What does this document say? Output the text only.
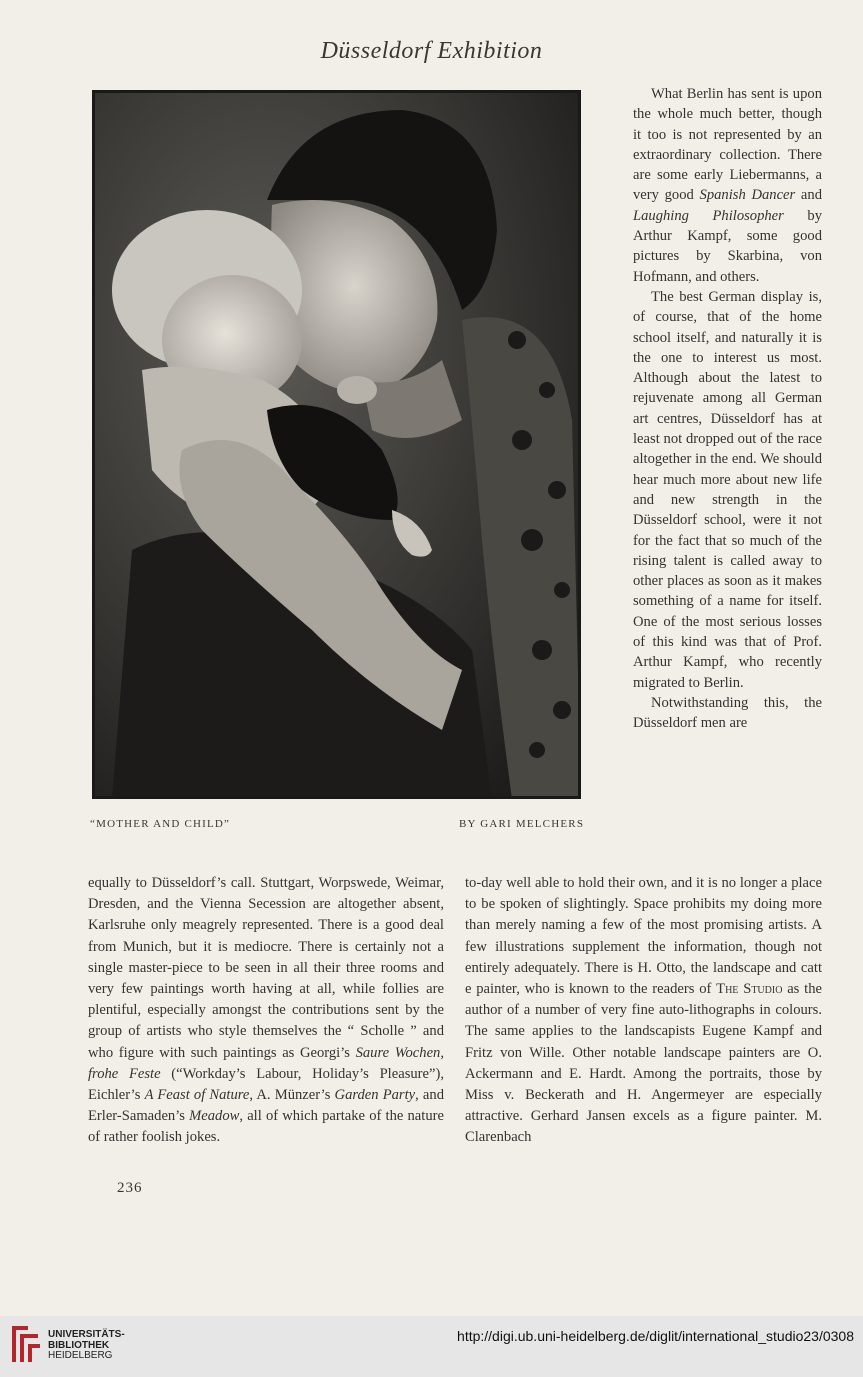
Düsseldorf Exhibition
“MOTHER AND CHILD”	BY GARI MELCHERS

What Berlin has sent is upon the whole much better, though it too is not represented by an extraordinary collection. There are some early Liebermanns, a very good Spanish Dancer and Laughing Philosopher by Arthur Kampf, some good pictures by Skarbina, von Hofmann, and others.

The best German display is, of course, that of the home school itself, and naturally it is the one to interest us most. Although about the latest to rejuvenate among all German art centres, Düsseldorf has at least not dropped out of the race altogether in the end. We should hear much more about new life and new strength in the Düsseldorf school, were it not for the fact that so much of the rising talent is called away to other places as soon as it makes something of a name for itself. One of the most serious losses of this kind was that of Prof. Arthur Kampf, who recently migrated to Berlin.

Notwithstanding this, the Düsseldorf men are

equally to Düsseldorf’s call. Stuttgart, Worpswede, Weimar, Dresden, and the Vienna Secession are altogether absent, Karlsruhe only meagrely represented. There is a good deal from Munich, but it is mediocre. There is certainly not a single master-piece to be seen in all their three rooms and very few paintings worth having at all, while follies are plentiful, especially amongst the contributions sent by the group of artists who style themselves the “ Scholle ” and who figure with such paintings as Georgi’s Saure Wochen, frohe Feste (“Workday’s Labour, Holiday’s Pleasure”), Eichler’s A Feast of Nature, A. Münzer’s Garden Party, and Erler-Samaden’s Meadow, all of which partake of the nature of rather foolish jokes.

to-day well able to hold their own, and it is no longer a place to be spoken of slightingly. Space prohibits my doing more than merely naming a few of the most promising artists. A few illustrations supplement the information, though not entirely adequately. There is H. Otto, the landscape and catt e painter, who is known to the readers of The Studio as the author of a number of very fine auto-lithographs in colours. The same applies to the landscapists Eugene Kampf and Fritz von Wille. Other notable landscape painters are O. Ackermann and E. Hardt. Among the portraits, those by Miss v. Beckerath and H. Angermeyer are especially attractive. Gerhard Jansen excels as a figure painter. M. Clarenbach

236
UNIVERSITÄTS-
BIBLIOTHEK
HEIDELBERG
http://digi.ub.uni-heidelberg.de/diglit/international_studio23/0308
